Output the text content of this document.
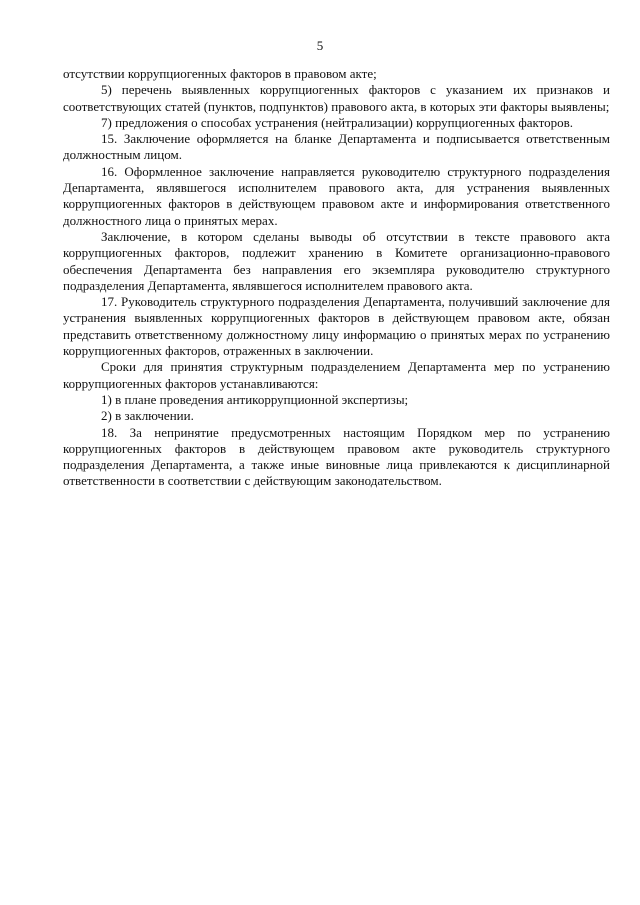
5

отсутствии коррупциогенных факторов в правовом акте;

5) перечень выявленных коррупциогенных факторов с указанием их признаков и соответствующих статей (пунктов, подпунктов) правового акта, в которых эти факторы выявлены;

7) предложения о способах устранения (нейтрализации) коррупциогенных факторов.

15. Заключение оформляется на бланке Департамента и подписывается ответственным должностным лицом.

16. Оформленное заключение направляется руководителю структурного подразделения Департамента, являвшегося исполнителем правового акта, для устранения выявленных коррупциогенных факторов в действующем правовом акте и информирования ответственного должностного лица о принятых мерах.

Заключение, в котором сделаны выводы об отсутствии в тексте правового акта коррупциогенных факторов, подлежит хранению в Комитете организационно-правового обеспечения Департамента без направления его экземпляра руководителю структурного подразделения Департамента, являвшегося исполнителем правового акта.

17. Руководитель структурного подразделения Департамента, получивший заключение для устранения выявленных коррупциогенных факторов в действующем правовом акте, обязан представить ответственному должностному лицу информацию о принятых мерах по устранению коррупциогенных факторов, отраженных в заключении.

Сроки для принятия структурным подразделением Департамента мер по устранению коррупциогенных факторов устанавливаются:

1) в плане проведения антикоррупционной экспертизы;

2) в заключении.

18. За непринятие предусмотренных настоящим Порядком мер по устранению коррупциогенных факторов в действующем правовом акте руководитель структурного подразделения Департамента, а также иные виновные лица привлекаются к дисциплинарной ответственности в соответствии с действующим законодательством.
